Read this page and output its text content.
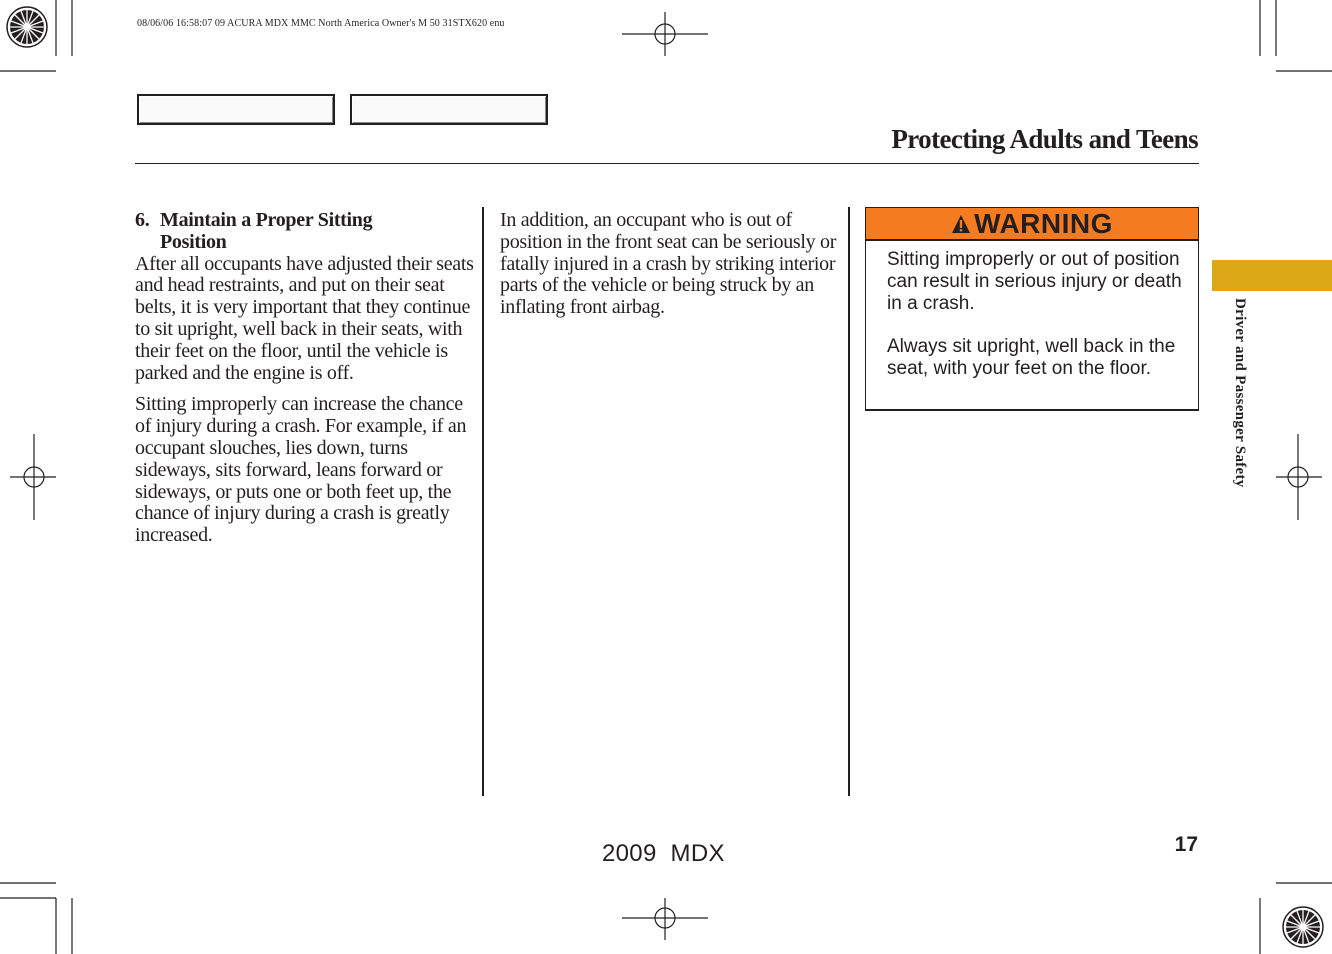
08/06/06 16:58:07 09 ACURA MDX MMC North America Owner's M 50 31STX620 enu
Protecting Adults and Teens
6. Maintain a Proper Sitting Position

After all occupants have adjusted their seats and head restraints, and put on their seat belts, it is very important that they continue to sit upright, well back in their seats, with their feet on the floor, until the vehicle is parked and the engine is off.

Sitting improperly can increase the chance of injury during a crash. For example, if an occupant slouches, lies down, turns sideways, sits forward, leans forward or sideways, or puts one or both feet up, the chance of injury during a crash is greatly increased.

In addition, an occupant who is out of position in the front seat can be seriously or fatally injured in a crash by striking interior parts of the vehicle or being struck by an inflating front airbag.

WARNING

Sitting improperly or out of position can result in serious injury or death in a crash.

Always sit upright, well back in the seat, with your feet on the floor.	Driver and Passenger Safety
17
2009  MDX
